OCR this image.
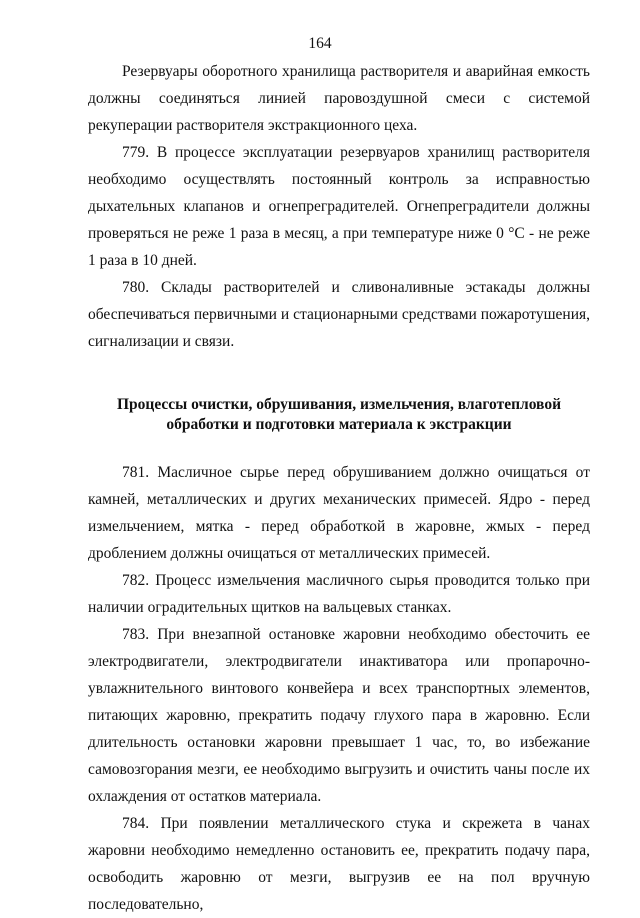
164

Резервуары оборотного хранилища растворителя и аварийная емкость должны соединяться линией паровоздушной смеси с системой рекуперации растворителя экстракционного цеха.

779. В процессе эксплуатации резервуаров хранилищ растворителя необходимо осуществлять постоянный контроль за исправностью дыхательных клапанов и огнепреградителей. Огнепреградители должны проверяться не реже 1 раза в месяц, а при температуре ниже 0 °C - не реже 1 раза в 10 дней.

780. Склады растворителей и сливоналивные эстакады должны обеспечиваться первичными и стационарными средствами пожаротушения, сигнализации и связи.

Процессы очистки, обрушивания, измельчения, влаготепловой
обработки и подготовки материала к экстракции

781. Масличное сырье перед обрушиванием должно очищаться от камней, металлических и других механических примесей. Ядро - перед измельчением, мятка - перед обработкой в жаровне, жмых - перед дроблением должны очищаться от металлических примесей.

782. Процесс измельчения масличного сырья проводится только при наличии оградительных щитков на вальцевых станках.

783. При внезапной остановке жаровни необходимо обесточить ее электродвигатели, электродвигатели инактиватора или пропарочно-увлажнительного винтового конвейера и всех транспортных элементов, питающих жаровню, прекратить подачу глухого пара в жаровню. Если длительность остановки жаровни превышает 1 час, то, во избежание самовозгорания мезги, ее необходимо выгрузить и очистить чаны после их охлаждения от остатков материала.

784. При появлении металлического стука и скрежета в чанах жаровни необходимо немедленно остановить ее, прекратить подачу пара, освободить жаровню от мезги, выгрузив ее на пол вручную последовательно,
